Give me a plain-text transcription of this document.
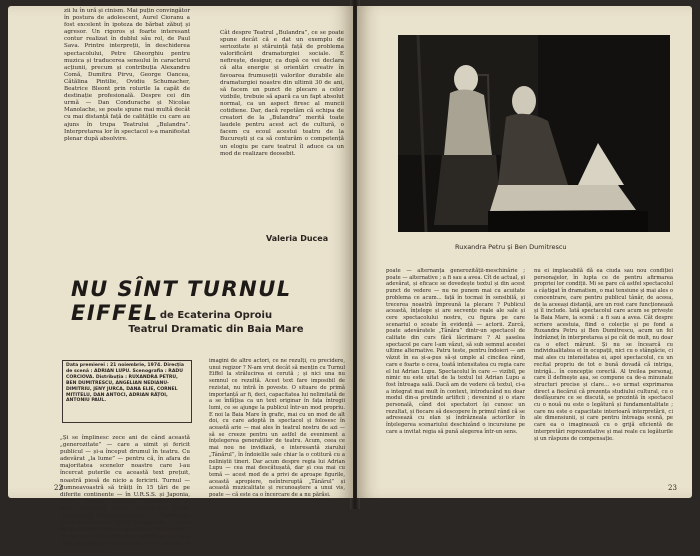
zii lu în ură și cinism. Mai puțin convingător în postura de adolescent, Aurel Cioranu a fost excelent în ipoteza de bărbat zăbuț și agresor. Un rigoros și foarte interesant contur realizat în dublul său rol, de Paul Sava. Printre interpreții, în deschiderea spectacolului, Petre Gheorghiu pentru muzica și traducerea sensului în caracterul acțiunii, precum și contribuția Alexandru Comă, Dumitru Pirvu, George Oancea, Cătălina Pintilie, Ovidiu Schumacher, Beatrice Bleont prin rolurile la capăt de destinație profesională. Despre cei din urmă — Dan Condurache și Nicolae Manolache, se poate spune mai multă decât cu mai distanță față de calitățile cu care au ajuns în trupa Teatrului „Bulandra”. Interpretarea lor în spectacol s-a manifestat plenar după absolvire.

Cât despre Teatrul „Bulandra”, ce se poate spune decât că e dat un exemplu de seriozitate și stăruință față de problema valorificării dramaturgiei sociale. E nefirește, desigur, ca după ce vei declara că alta energie și orientări creativ în favoarea frumuseții valorilor durabile ale dramaturgiei noastre din ultimii 30 de ani, să facem un punct de plecare a celor vizibile, trebuie să apară ca un fapt absolut normal, ca un aspect firesc al muncii cotidiene. Dar, dacă repetăm că echipa de creatori de la „Bulandra” merită toate laudele pentru acest act de cultură, o facem cu ecoul acestui teatru de la București și ca să conturăm o competență un elogiu pe care teatrul îl aduce ca un mod de realizare deosebit.

Valeria Ducea
NU SÎNT TURNUL EIFFEL de Ecaterina Oproiu
Teatrul Dramatic din Baia Mare
Data premierei : 21 noiembrie, 1974. Direcția de scenă : ADRIAN LUPU. Scenografia : RADU CORCIOVA. Distribuția : RUXANDRA PETRU, BEN DUMITRESCU, ANGELIAN NEDIANU-DIMITRIU, JENY JURCA, DANA ELIE, CORNEL MITITELU, DAN ANTOCI, ADRIAN RĂȚOI, ANTONIU PAUL.

„Și se împlinesc zece ani de când această „generozitate” — care a uimit și fericit publicul — și-a început drumul în teatru. Cu adevărat „la lume” — pentru că, în afara de majoritatea scenelor noastre care l-au încercat puterile cu această text prețuit, noastră piesă de nicio a fericirii. Turnul — dumneavoastră să trăiți în 15 țări de pe diferite continente — în U.R.S.S. și Japonia, S.U.A., Suedia, Bulgaria, Cehoslovacia și Noua Zeelandă, Belgia, Anglia etc. Ce-am vedea după atâtea ani piesa ? — „Teatrul de acum s-a obișnuit să fie programat — „pisa mă lasă rece”, spune domnia-sa. Explicabil — ce ziți mai explicabil pentru cronicar să vadă cum a primit piesa de public, cum a înțeles și ce a transmis la

imagini de altre actori, ce ne rezulți, cu precidere, unui regizor ? N-am vrut decât să mențin cu Turnul Eiffel la strălucirea ei cerută ; și nici una nu semnul ce rezultă. Acest text fare imposibil de rezistat, nu intră în poveste. O situare de primă importanță ar fi, deci, capacitatea lui nelimitată de a se înfățișa ca un text originar în fața întregii lumi, ce se ajunge la publicul într-un mod propriu. E noi la Baia Mare în grafic, mai cu un mod de alt doi, cu care adoptă în spectacol și folosesc în această arie — mai ales în teatrul nostru de azi — să se creeze pentru un astfel de eveniment a înțelegerea generațiilor de teatru. Acum, ceea ce mai nou ne invidiază, e interesantă ziarului „Tânărul”, în îndoielile sale chiar la o cotitură cu a neliniștii tineri. Dar acum despre regia lui Adrian Lupu — cea mai descătușată, dar și cea mai cu temă — acest mod de a privi de aproape figurile, această apropiere, neîntreruptă „Tânărul” și această muzicalitate și recunoaștere a unui vis, poate — că este ca o încercare de a nu părăsi.

22	23

poate — alternanța generozității-meschinărie ; poate — alternative ; a fi sau a avea. Cît de actual, și adevărat, și eficace se dovedește textul și din acest punct de vedere — nu ne punem mai cu acuitate problema ce acum... față în tocmai în sensibilă, și trecerea noastră împreună la plecare ? Publicul această, înțelege și are secvențe reale ale sale și cere spectacolului nostru, cu figura pe care scenariul o scoate în evidență — actorii. Zurcă, poate adevăratele „Tânăra” dintr-un spectacol de calitate din curs fără lăcrimare ? Al șaselea spectacol pe care l-am văzut, să sub semnul acestei ultime alternative. Patru teste, pentru îndoieri — am văzut în ea și-a-pus să-și umple al cincilea rând, care e foarte o ceva, toată intensitatea cu regia care el lui Adrian Lupu. Spectacolul în care — vizibil, pe nimic nu este uitat de la textul lui Adrian Lupu a fost întreaga sală. Dacă am de vedere că textul, ci-a a integrat mai mult în context, introducând nu doar modul din-a pretinde artificii ; devenind și o stare personală, când doi spectatori își cunosc un rezultat, și fiecare să descopere în primul rând că se adresează cu elan și îndrăzneala actorilor în înțelegerea scenariului deschizând o incursiune pe care a invitat regia să pună alegerea într-un sens.

nu ei implacabilă dă ea ciuda sau nou condiției personajelor, în lupta ce de pentru afirmarea propriei lor condiții. Mi se pare că astfel spectacolul a câștigat în dramatism, o mai tensiune și mai ales o concentrare, care pentru publicul tânăr, de aceea, de la aceeași distanță, are un rost care funcționează și îl include. Iată spectacolul care acum se privește la Baia Mare, la scenă : a fi sau a avea. Cât despre scriere acestuia, fiind o colecție și pe fond a Ruxandra Petru și Ben Dumitrescu, acum un fel îndrăzneț în interpretarea și pe cât de mult, nu doar ca o efect mărunt. Și nu se încearcă cu individualitatea ei în ocupații, nici cu o stângăcie, ci mai ales cu intensitatea ei, apoi spectacolul, cu un recital propriu de tot o bună dovadă că intriga, intrigă... în concepție corectă. Al treilea personaj, care îl definește așa, se compune ca de-a minunate structuri precise și clare... s-o urmat exprimarea direct a fiecărui că prezența studiului cultural, cu o desfășurare ce se discută, se prezintă în spectacol cu o nouă nu este o legătură și fundamentalitate ; care nu este o capacitate interioară interpretării, ci ale dimensiunii, și care pentru întreaga scenă, pe care ea o imaginează cu o grijă eficientă de interpretări reprezentative și mai reale cu legăturile și un răspuns de compensație.

Ruxandra Petru și Ben Dumitrescu
